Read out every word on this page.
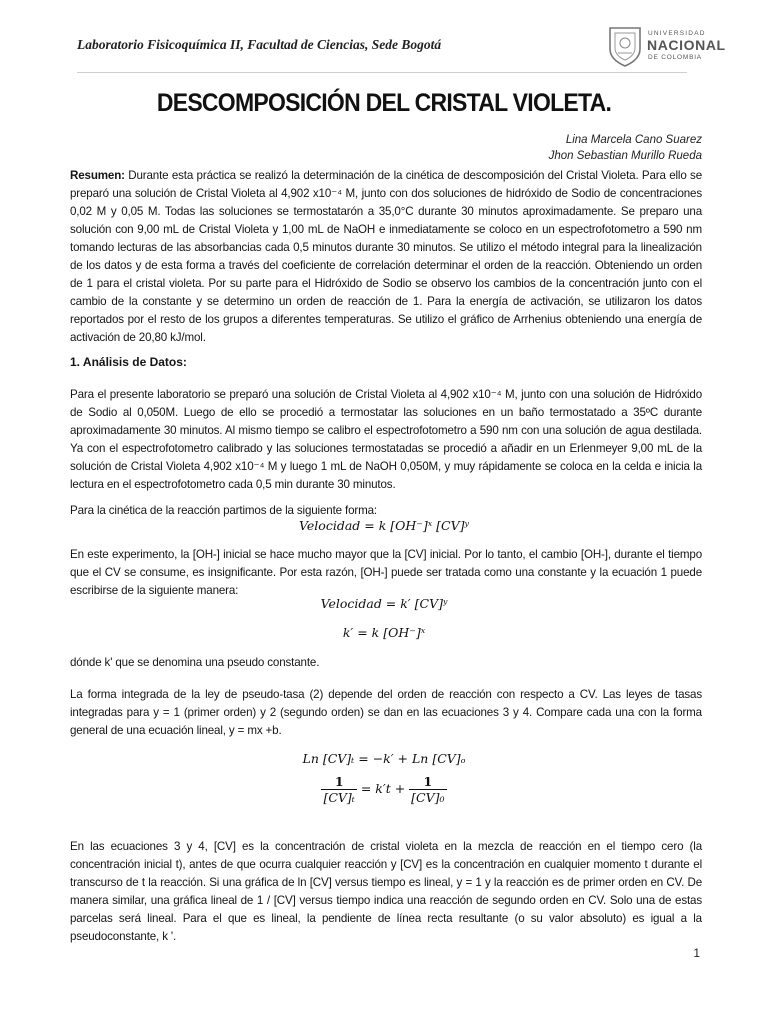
Laboratorio Fisicoquímica II, Facultad de Ciencias, Sede Bogotá
UNIVERSIDAD
NACIONAL
DE COLOMBIA
DESCOMPOSICIÓN DEL CRISTAL VIOLETA.
Lina Marcela Cano Suarez
Jhon Sebastian Murillo Rueda

Resumen: Durante esta práctica se realizó la determinación de la cinética de descomposición del Cristal Violeta. Para ello se preparó una solución de Cristal Violeta al 4,902 x10⁻⁴ M, junto con dos soluciones de hidróxido de Sodio de concentraciones 0,02 M y 0,05 M. Todas las soluciones se termostatarón a 35,0°C durante 30 minutos aproximadamente. Se preparo una solución con 9,00 mL de Cristal Violeta y 1,00 mL de NaOH e inmediatamente se coloco en un espectrofotometro a 590 nm tomando lecturas de las absorbancias cada 0,5 minutos durante 30 minutos. Se utilizo el método integral para la linealización de los datos y de esta forma a través del coeficiente de correlación determinar el orden de la reacción. Obteniendo un orden de 1 para el cristal violeta. Por su parte para el Hidróxido de Sodio se observo los cambios de la concentración junto con el cambio de la constante y se determino un orden de reacción de 1. Para la energía de activación, se utilizaron los datos reportados por el resto de los grupos a diferentes temperaturas. Se utilizo el gráfico de Arrhenius obteniendo una energía de activación de 20,80 kJ/mol.

1. Análisis de Datos:

Para el presente laboratorio se preparó una solución de Cristal Violeta al 4,902 x10⁻⁴ M, junto con una solución de Hidróxido de Sodio al 0,050M. Luego de ello se procedió a termostatar las soluciones en un baño termostatado a 35ºC durante aproximadamente 30 minutos. Al mismo tiempo se calibro el espectrofotometro a 590 nm con una solución de agua destilada. Ya con el espectrofotometro calibrado y las soluciones termostatadas se procedió a añadir en un Erlenmeyer 9,00 mL de la solución de Cristal Violeta 4,902 x10⁻⁴ M y luego 1 mL de NaOH 0,050M, y muy rápidamente se coloca en la celda e inicia la lectura en el espectrofotometro cada 0,5 min durante 30 minutos.

Para la cinética de la reacción partimos de la siguiente forma:

Velocidad = k [OH⁻]ˣ [CV]ʸ

En este experimento, la [OH-] inicial se hace mucho mayor que la [CV] inicial. Por lo tanto, el cambio [OH-], durante el tiempo que el CV se consume, es insignificante. Por esta razón, [OH-] puede ser tratada como una constante y la ecuación 1 puede escribirse de la siguiente manera:

Velocidad = k′ [CV]ʸ
k′ = k [OH⁻]ˣ

dónde k' que se denomina una pseudo constante.

La forma integrada de la ley de pseudo-tasa (2) depende del orden de reacción con respecto a CV. Las leyes de tasas integradas para y = 1 (primer orden) y 2 (segundo orden) se dan en las ecuaciones 3 y 4. Compare cada una con la forma general de una ecuación lineal, y = mx +b.

Ln [CV]ₜ = −k′ + Ln [CV]ₒ
$\frac{1}{\text{[CV]ₜ}} = k't + \frac{1}{\text{[CV]₀}}$

En las ecuaciones 3 y 4, [CV] es la concentración de cristal violeta en la mezcla de reacción en el tiempo cero (la concentración inicial t), antes de que ocurra cualquier reacción y [CV] es la concentración en cualquier momento t durante el transcurso de t la reacción. Si una gráfica de ln [CV] versus tiempo es lineal, y = 1 y la reacción es de primer orden en CV. De manera similar, una gráfica lineal de 1 / [CV] versus tiempo indica una reacción de segundo orden en CV. Solo una de estas parcelas será lineal. Para el que es lineal, la pendiente de línea recta resultante (o su valor absoluto) es igual a la pseudoconstante, k '.

1
